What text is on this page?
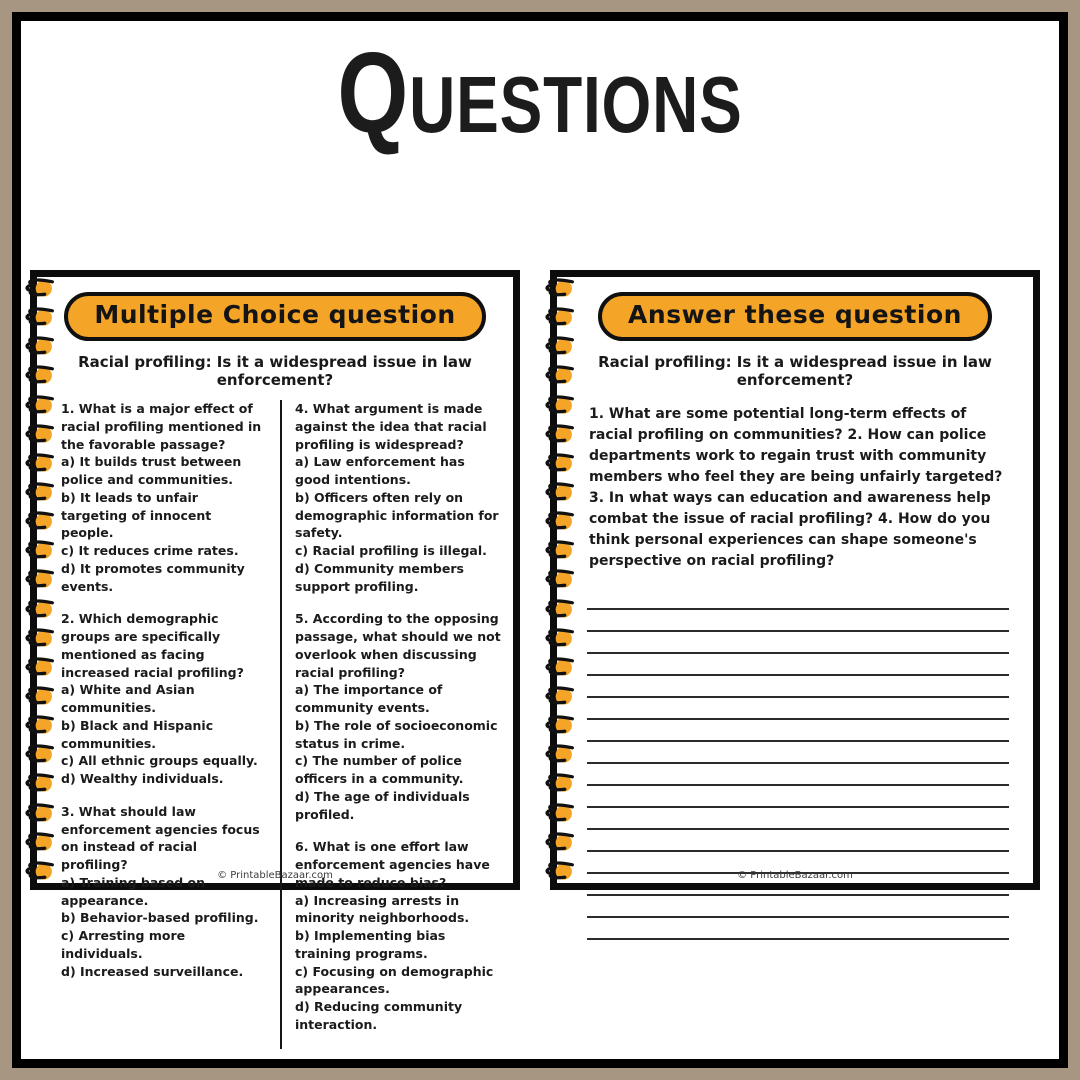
Questions
Multiple Choice question

Racial profiling: Is it a widespread issue in law enforcement?

1. What is a major effect of racial profiling mentioned in the favorable passage?

a) It builds trust between police and communities.

b) It leads to unfair targeting of innocent people.

c) It reduces crime rates.

d) It promotes community events.

2. Which demographic groups are specifically mentioned as facing increased racial profiling?

a) White and Asian communities.

b) Black and Hispanic communities.

c) All ethnic groups equally.

d) Wealthy individuals.

3. What should law enforcement agencies focus on instead of racial profiling?

a) Training based on appearance.

b) Behavior-based profiling.

c) Arresting more individuals.

d) Increased surveillance.

4. What argument is made against the idea that racial profiling is widespread?

a) Law enforcement has good intentions.

b) Officers often rely on demographic information for safety.

c) Racial profiling is illegal.

d) Community members support profiling.

5. According to the opposing passage, what should we not overlook when discussing racial profiling?

a) The importance of community events.

b) The role of socioeconomic status in crime.

c) The number of police officers in a community.

d) The age of individuals profiled.

6. What is one effort law enforcement agencies have made to reduce bias?

a) Increasing arrests in minority neighborhoods.

b) Implementing bias training programs.

c) Focusing on demographic appearances.

d) Reducing community interaction.

© PrintableBazaar.com

Answer these question

Racial profiling: Is it a widespread issue in law enforcement?

1. What are some potential long-term effects of racial profiling on communities? 2. How can police departments work to regain trust with community members who feel they are being unfairly targeted? 3. In what ways can education and awareness help combat the issue of racial profiling? 4. How do you think personal experiences can shape someone's perspective on racial profiling?

© PrintableBazaar.com
